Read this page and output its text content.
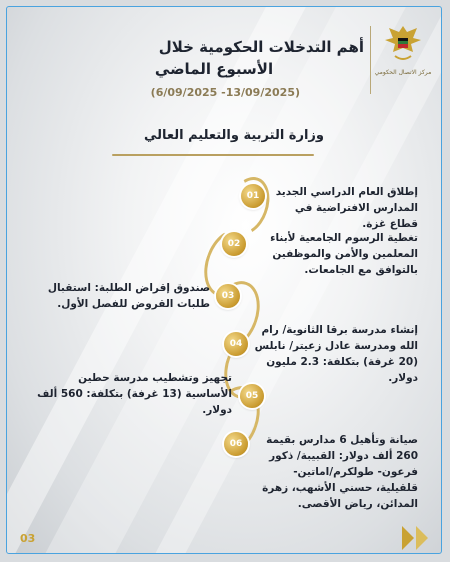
مركز الاتصال الحكومي
أهم التدخلات الحكومية خلال
الأسبوع الماضي
(6/09/2025 -13/09/2025)
وزارة التربية والتعليم العالي
01
02
03
04
05
06
إطلاق العام الدراسي الجديد المدارس الافتراضية في قطاع غزة.
تغطية الرسوم الجامعية لأبناء المعلمين والأمن والموظفين بالتوافق مع الجامعات.
صندوق إقراض الطلبة: استقبال طلبات القروض للفصل الأول.
إنشاء مدرسة برقا الثانوية/ رام الله ومدرسة عادل زعيتر/ نابلس (20 غرفة) بتكلفة: 2.3 مليون دولار.
تجهيز وتشطيب مدرسة حطين الأساسية (13 غرفة) بتكلفة: 560 ألف دولار.
صيانة وتأهيل 6 مدارس بقيمة 260 ألف دولار: القبيبة/ ذكور فرعون- طولكرم/اماتين- قلقيلية، حسني الأشهب، زهرة المدائن، رياض الأقصى.
03
